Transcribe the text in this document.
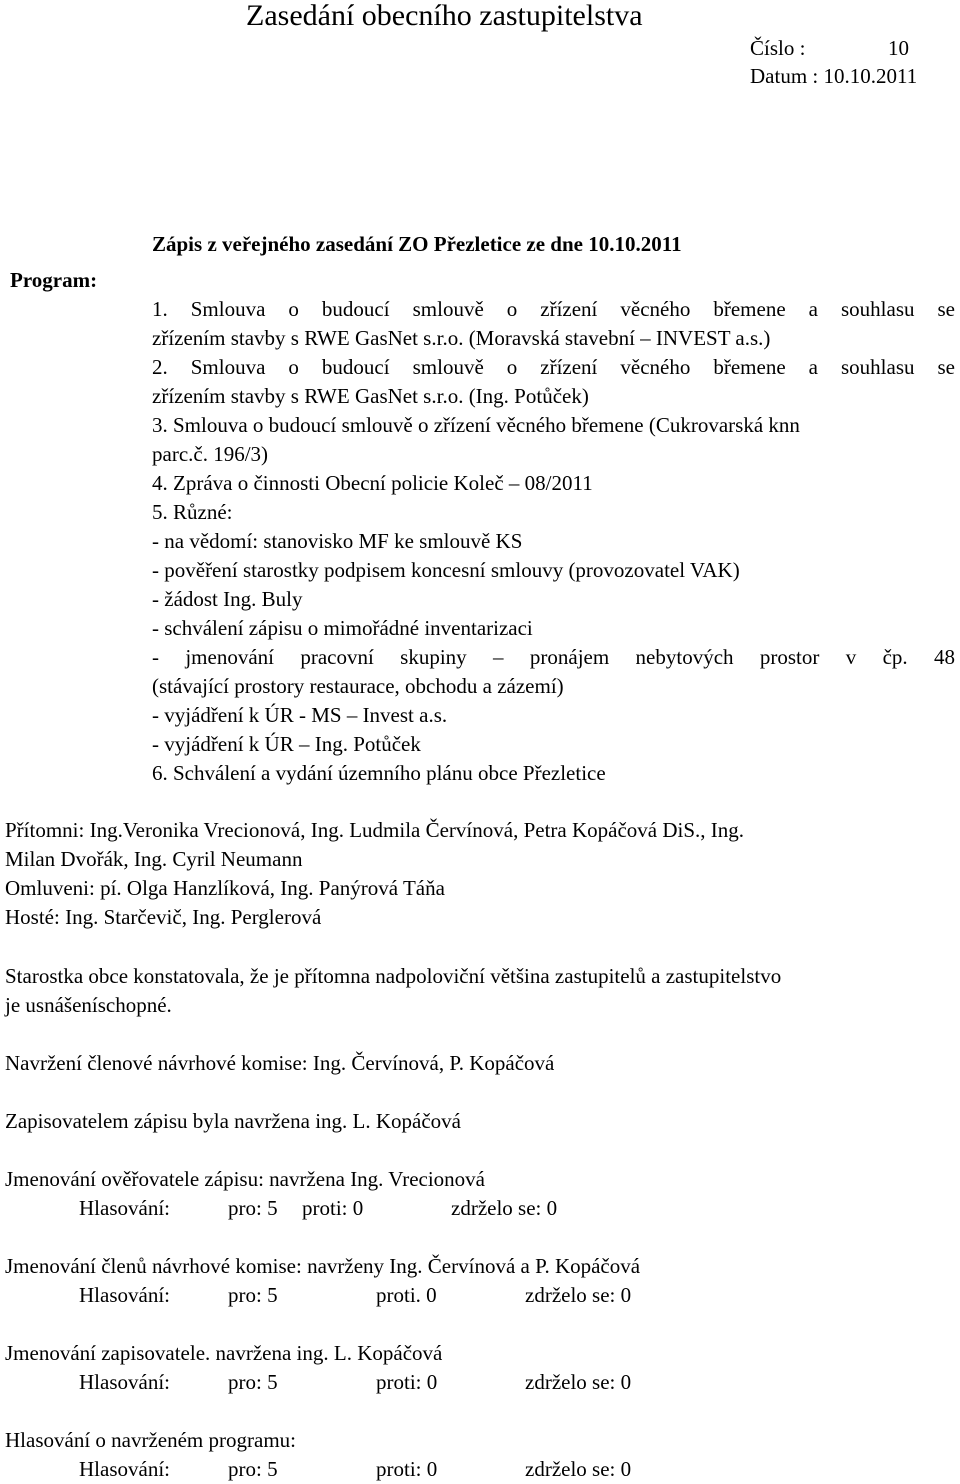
Zasedání obecního zastupitelstva
Číslo :	10
Datum : 10.10.2011
Zápis z veřejného zasedání ZO Přezletice ze dne 10.10.2011
Program:
1. Smlouva o budoucí smlouvě o zřízení věcného břemene a souhlasu se
zřízením stavby s RWE GasNet s.r.o. (Moravská stavební – INVEST a.s.)
2. Smlouva o budoucí smlouvě o zřízení věcného břemene a souhlasu se
zřízením stavby s RWE GasNet s.r.o. (Ing. Potůček)
3. Smlouva o budoucí smlouvě o zřízení věcného břemene (Cukrovarská knn
parc.č. 196/3)
4. Zpráva o činnosti Obecní policie Koleč – 08/2011
5. Různé:
- na vědomí: stanovisko MF ke smlouvě KS
- pověření starostky podpisem koncesní smlouvy (provozovatel VAK)
- žádost Ing. Buly
- schválení zápisu o mimořádné inventarizaci
- jmenování pracovní skupiny – pronájem nebytových prostor v čp. 48
(stávající prostory restaurace, obchodu a zázemí)
- vyjádření k ÚR - MS – Invest a.s.
- vyjádření k ÚR – Ing. Potůček
6. Schválení a vydání územního plánu obce Přezletice
Přítomni: Ing.Veronika Vrecionová, Ing. Ludmila Červínová, Petra Kopáčová DiS., Ing.
Milan Dvořák, Ing. Cyril Neumann
Omluveni: pí. Olga Hanzlíková, Ing. Panýrová Táňa
Hosté: Ing. Starčevič, Ing. Perglerová
Starostka obce konstatovala, že je přítomna nadpoloviční většina zastupitelů a zastupitelstvo
je usnášeníschopné.
Navržení členové návrhové komise: Ing. Červínová, P. Kopáčová
Zapisovatelem zápisu byla navržena ing. L. Kopáčová
Jmenování ověřovatele zápisu: navržena Ing. Vrecionová
Hlasování:	pro: 5	proti: 0	zdrželo se: 0
Jmenování členů návrhové komise: navrženy Ing. Červínová a P. Kopáčová
Hlasování:	pro: 5	proti. 0	zdrželo se: 0
Jmenování zapisovatele. navržena ing. L. Kopáčová
Hlasování:	pro: 5	proti: 0	zdrželo se: 0
Hlasování o navrženém programu:
Hlasování:	pro: 5	proti: 0	zdrželo se: 0
